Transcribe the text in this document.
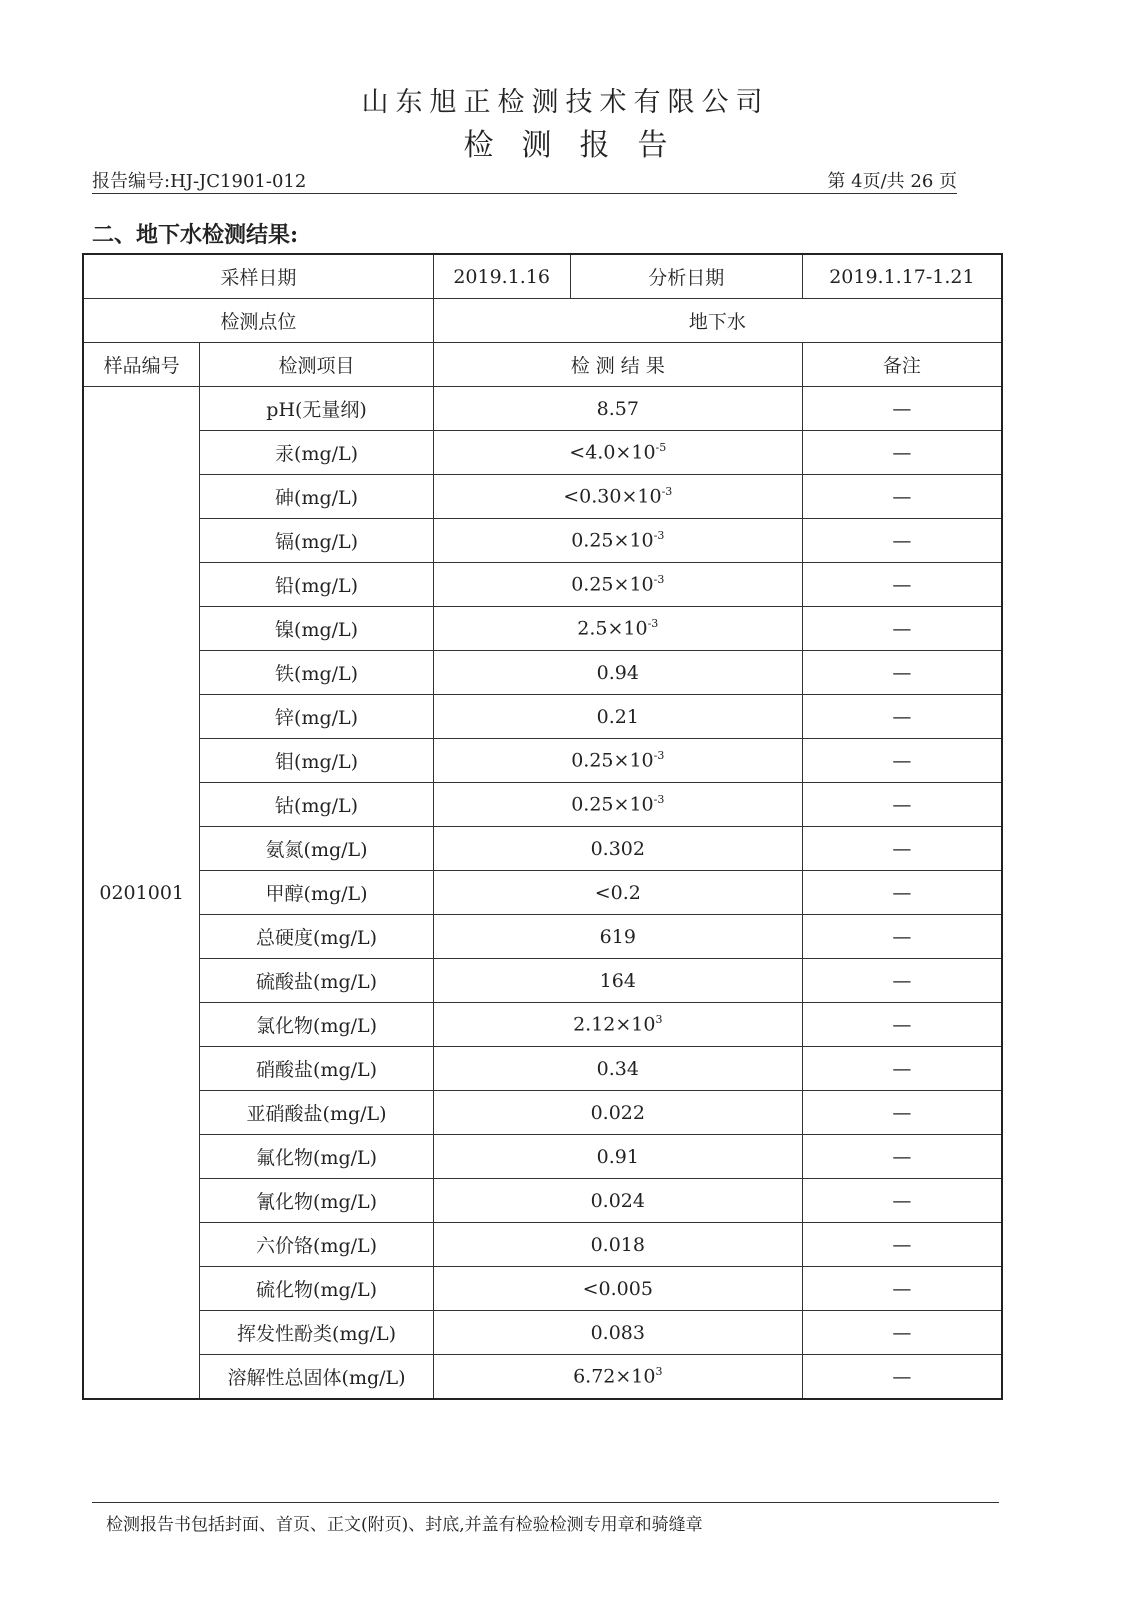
山东旭正检测技术有限公司
检测报告
报告编号:HJ-JC1901-012	第 4页/共 26 页
二、地下水检测结果:
采样日期		2019.1.16	分析日期	2019.1.17-1.21
检测点位		地下水		
样品编号	检测项目	检 测 结 果		备注
0201001	pH(无量纲)	8.57		—
	汞(mg/L)	$<4.0\times 10^{-5}$		—
	砷(mg/L)	$<0.30\times 10^{-3}$		—
	镉(mg/L)	$0.25\times 10^{-3}$		—
	铅(mg/L)	$0.25\times 10^{-3}$		—
	镍(mg/L)	$2.5\times 10^{-3}$		—
	铁(mg/L)	0.94		—
	锌(mg/L)	0.21		—
	钼(mg/L)	$0.25\times 10^{-3}$		—
	钴(mg/L)	$0.25\times 10^{-3}$		—
	氨氮(mg/L)	0.302		—
	甲醇(mg/L)	<0.2		—
	总硬度(mg/L)	619		—
	硫酸盐(mg/L)	164		—
	氯化物(mg/L)	$2.12\times 10^3$		—
	硝酸盐(mg/L)	0.34		—
	亚硝酸盐(mg/L)	0.022		—
	氟化物(mg/L)	0.91		—
	氰化物(mg/L)	0.024		—
	六价铬(mg/L)	0.018		—
	硫化物(mg/L)	<0.005		—
	挥发性酚类(mg/L)	0.083		—
	溶解性总固体(mg/L)	$6.72\times 10^3$		—
检测报告书包括封面、首页、正文(附页)、封底,并盖有检验检测专用章和骑缝章
